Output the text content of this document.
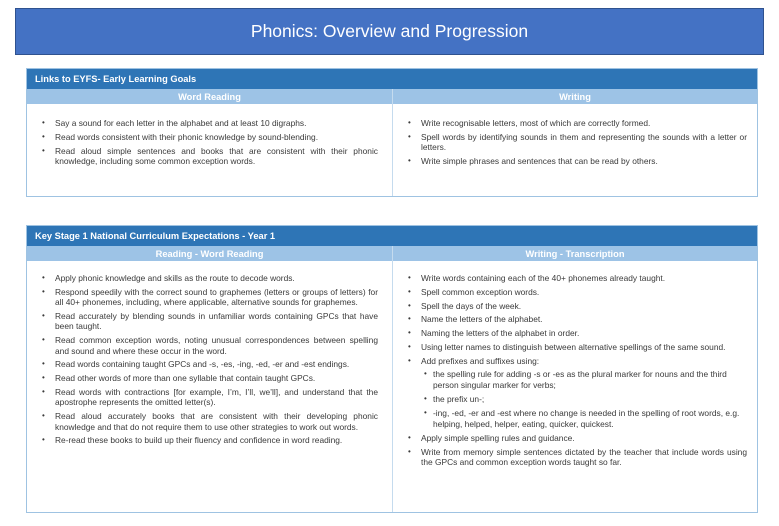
Phonics: Overview and Progression
Links to EYFS- Early Learning Goals
Word Reading
• Say a sound for each letter in the alphabet and at least 10 digraphs.
• Read words consistent with their phonic knowledge by sound-blending.
• Read aloud simple sentences and books that are consistent with their phonic knowledge, including some common exception words.
Writing
• Write recognisable letters, most of which are correctly formed.
• Spell words by identifying sounds in them and representing the sounds with a letter or letters.
• Write simple phrases and sentences that can be read by others.
Key Stage 1 National Curriculum Expectations - Year 1
Reading - Word Reading
• Apply phonic knowledge and skills as the route to decode words.
• Respond speedily with the correct sound to graphemes (letters or groups of letters) for all 40+ phonemes, including, where applicable, alternative sounds for graphemes.
• Read accurately by blending sounds in unfamiliar words containing GPCs that have been taught.
• Read common exception words, noting unusual correspondences between spelling and sound and where these occur in the word.
• Read words containing taught GPCs and -s, -es, -ing, -ed, -er and -est endings.
• Read other words of more than one syllable that contain taught GPCs.
• Read words with contractions [for example, I’m, I’ll, we’ll], and understand that the apostrophe represents the omitted letter(s).
• Read aloud accurately books that are consistent with their developing phonic knowledge and that do not require them to use other strategies to work out words.
• Re-read these books to build up their fluency and confidence in word reading.
Writing - Transcription
• Write words containing each of the 40+ phonemes already taught.
• Spell common exception words.
• Spell the days of the week.
• Name the letters of the alphabet.
• Naming the letters of the alphabet in order.
• Using letter names to distinguish between alternative spellings of the same sound.
• Add prefixes and suffixes using:
• the spelling rule for adding -s or -es as the plural marker for nouns and the third person singular marker for verbs;
• the prefix un-;
• -ing, -ed, -er and -est where no change is needed in the spelling of root words, e.g. helping, helped, helper, eating, quicker, quickest.
• Apply simple spelling rules and guidance.
• Write from memory simple sentences dictated by the teacher that include words using the GPCs and common exception words taught so far.
